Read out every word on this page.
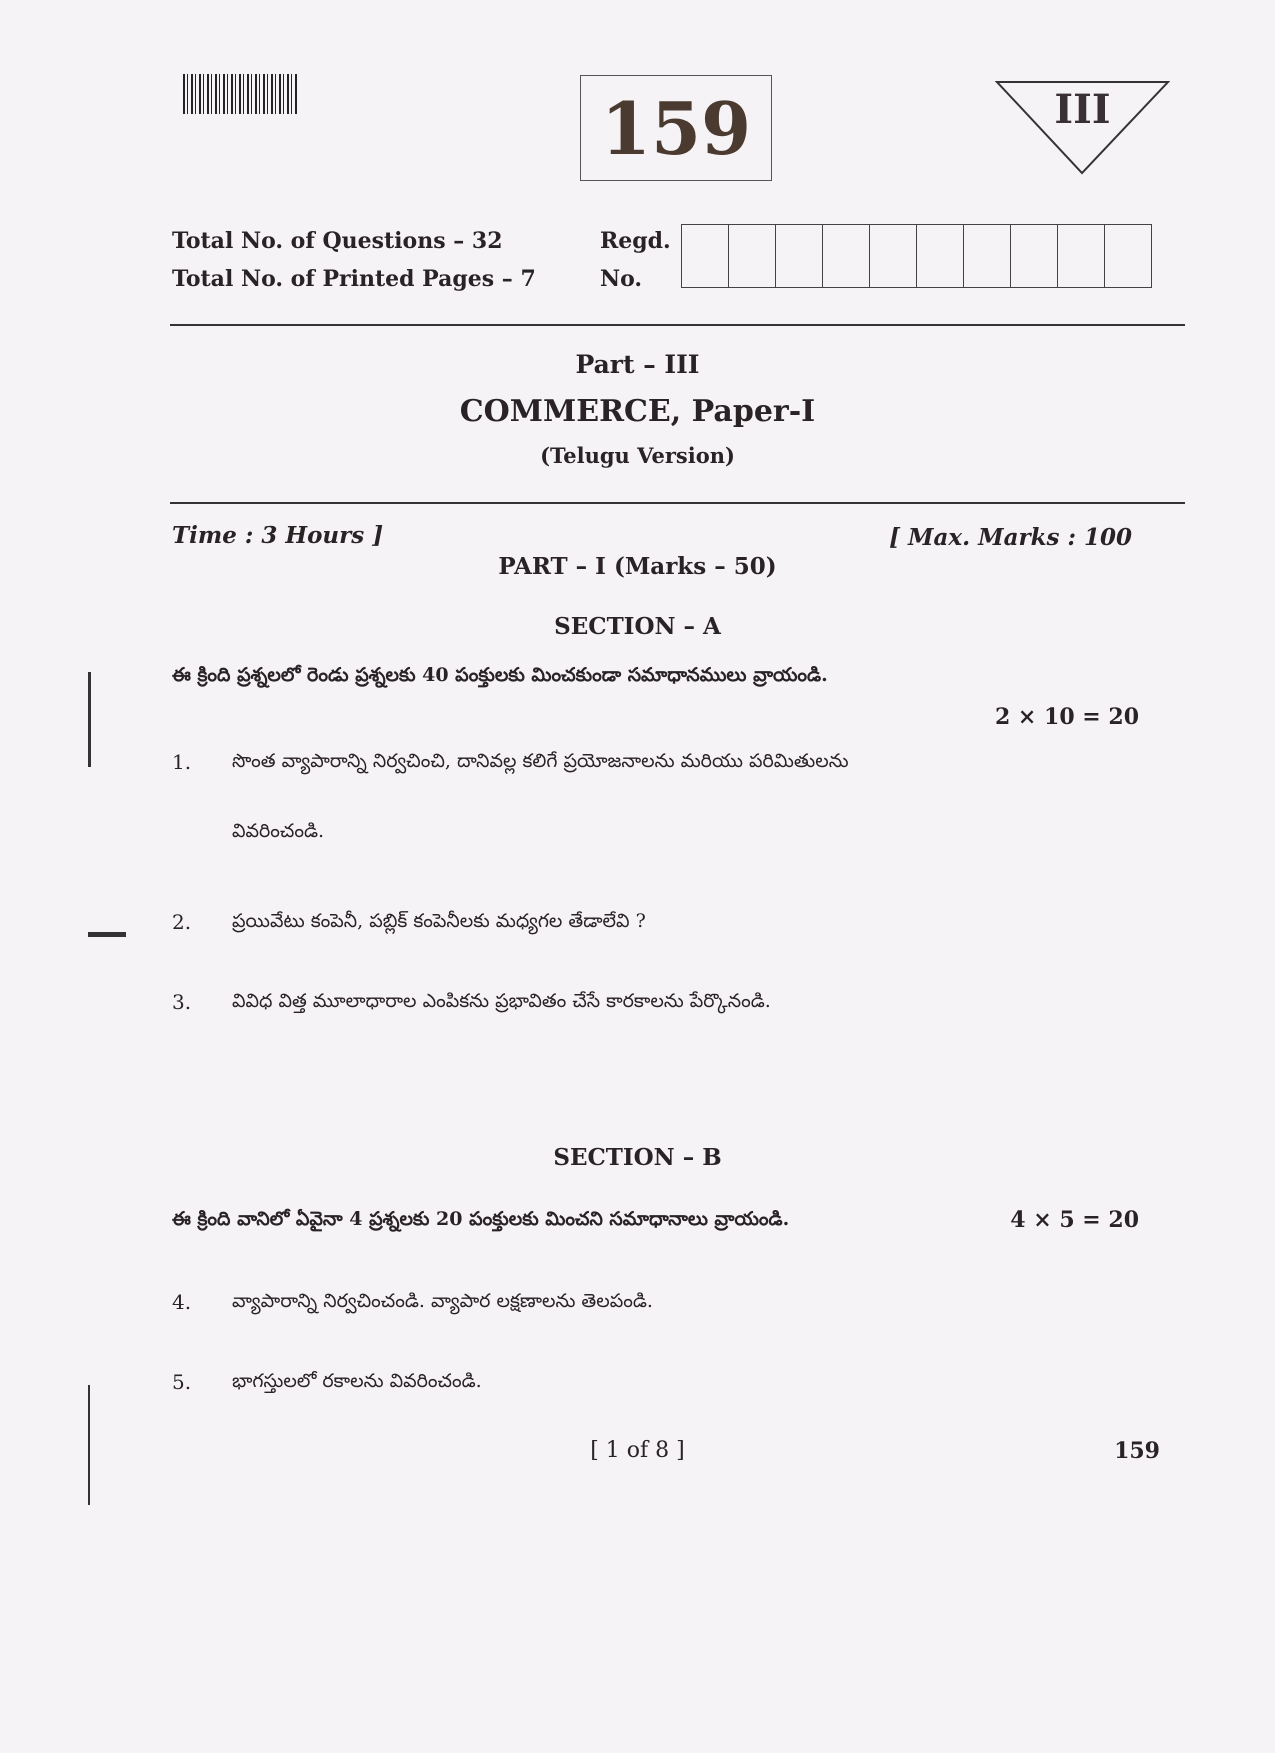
159	III
Total No. of Questions – 32
Total No. of Printed Pages – 7
Regd.
No.
Part – III
COMMERCE, Paper-I
(Telugu Version)
Time : 3 Hours ]	[ Max. Marks : 100
PART – I (Marks – 50)
SECTION – A
ఈ క్రింది ప్రశ్నలలో రెండు ప్రశ్నలకు 40 పంక్తులకు మించకుండా సమాధానములు వ్రాయండి.
2 × 10 = 20
1. సొంత వ్యాపారాన్ని నిర్వచించి, దానివల్ల కలిగే ప్రయోజనాలను మరియు పరిమితులను
వివరించండి.
2. ప్రయివేటు కంపెనీ, పబ్లిక్ కంపెనీలకు మధ్యగల తేడాలేవి ?
3. వివిధ విత్త మూలాధారాల ఎంపికను ప్రభావితం చేసే కారకాలను పేర్కొనండి.
SECTION – B
ఈ క్రింది వానిలో ఏవైనా 4 ప్రశ్నలకు 20 పంక్తులకు మించని సమాధానాలు వ్రాయండి.	4 × 5 = 20
4. వ్యాపారాన్ని నిర్వచించండి. వ్యాపార లక్షణాలను తెలపండి.
5. భాగస్తులలో రకాలను వివరించండి.
[ 1 of 8 ]	159
